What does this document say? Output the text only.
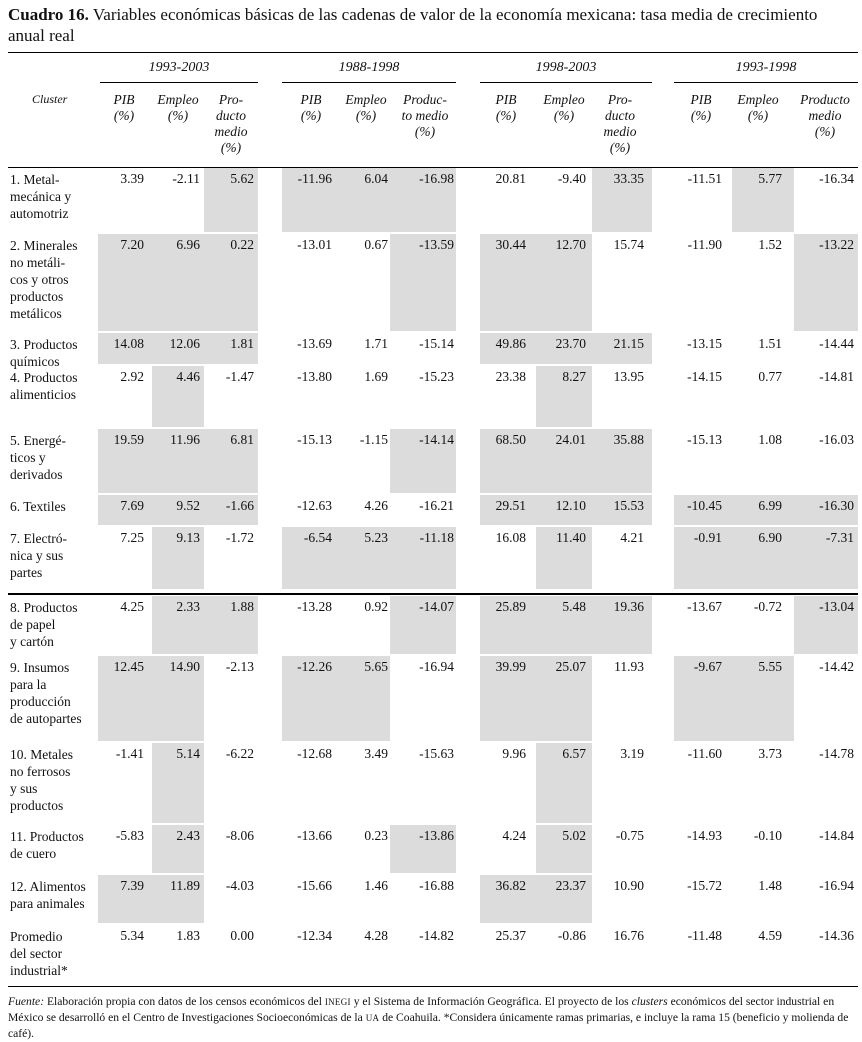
Cuadro 16. Variables económicas básicas de las cadenas de valor de la economía mexicana: tasa media de crecimiento anual real
1993-2003	1988-1998	1998-2003	1993-1998
PIB
(%)
Empleo
(%)
Pro-
ducto
medio
(%)
PIB
(%)
Empleo
(%)
Produc-
to medio
(%)
PIB
(%)
Empleo
(%)
Pro-
ducto
medio
(%)
PIB
(%)
Empleo
(%)
Producto
medio
(%)
Cluster
1. Metal-
mecánica y
automotriz
3.39	-2.11	5.62	-11.96	6.04	-16.98	20.81	-9.40	33.35	-11.51	5.77	-16.34
2. Minerales
no metáli-
cos y otros
productos
metálicos
7.20	6.96	0.22	-13.01	0.67	-13.59	30.44	12.70	15.74	-11.90	1.52	-13.22
3. Productos
químicos
14.08	12.06	1.81	-13.69	1.71	-15.14	49.86	23.70	21.15	-13.15	1.51	-14.44
4. Productos
alimenticios
2.92	4.46	-1.47	-13.80	1.69	-15.23	23.38	8.27	13.95	-14.15	0.77	-14.81
5. Energé-
ticos y
derivados
19.59	11.96	6.81	-15.13	-1.15	-14.14	68.50	24.01	35.88	-15.13	1.08	-16.03
6. Textiles	7.69	9.52	-1.66	-12.63	4.26	-16.21	29.51	12.10	15.53	-10.45	6.99	-16.30
7. Electró-
nica y sus
partes
7.25	9.13	-1.72	-6.54	5.23	-11.18	16.08	11.40	4.21	-0.91	6.90	-7.31
8. Productos
de papel
y cartón
4.25	2.33	1.88	-13.28	0.92	-14.07	25.89	5.48	19.36	-13.67	-0.72	-13.04
9. Insumos
para la
producción
de autopartes
12.45	14.90	-2.13	-12.26	5.65	-16.94	39.99	25.07	11.93	-9.67	5.55	-14.42
10. Metales
no ferrosos
y sus
productos
-1.41	5.14	-6.22	-12.68	3.49	-15.63	9.96	6.57	3.19	-11.60	3.73	-14.78
11. Productos
de cuero
-5.83	2.43	-8.06	-13.66	0.23	-13.86	4.24	5.02	-0.75	-14.93	-0.10	-14.84
12. Alimentos
para animales
7.39	11.89	-4.03	-15.66	1.46	-16.88	36.82	23.37	10.90	-15.72	1.48	-16.94
Promedio
del sector
industrial*
5.34	1.83	0.00	-12.34	4.28	-14.82	25.37	-0.86	16.76	-11.48	4.59	-14.36
Fuente: Elaboración propia con datos de los censos económicos del INEGI y el Sistema de Información Geográfica. El proyecto de los clusters económicos del sector industrial en México se desarrolló en el Centro de Investigaciones Socioeconómicas de la UA de Coahuila. *Considera únicamente ramas primarias, e incluye la rama 15 (beneficio y molienda de café).
